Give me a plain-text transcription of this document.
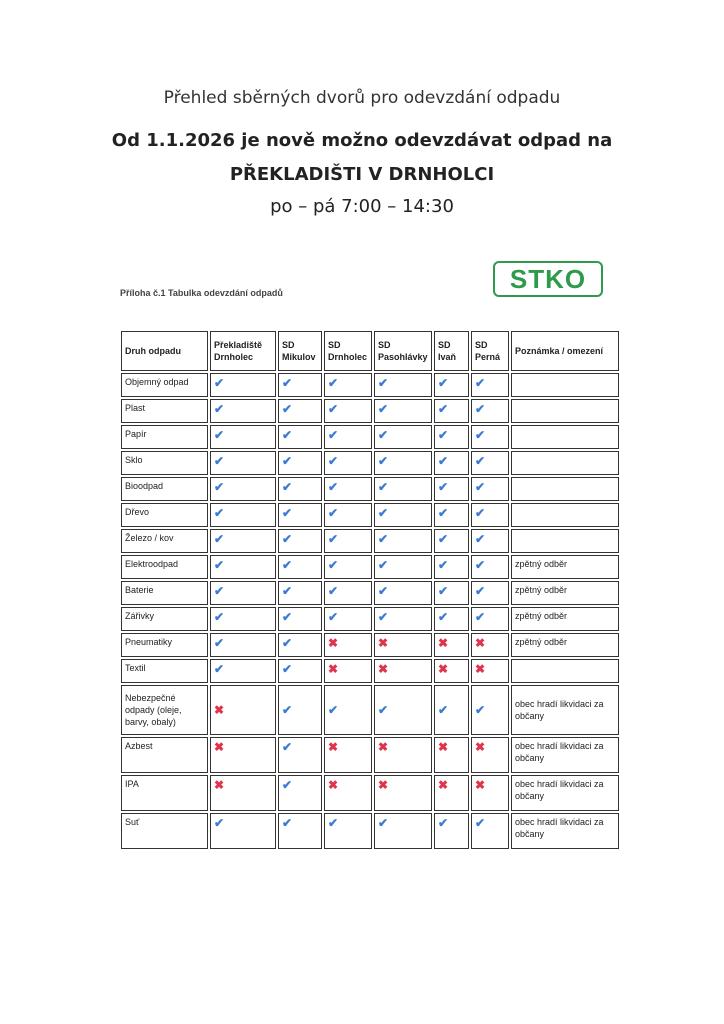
Přehled sběrných dvorů pro odevzdání odpadu
Od 1.1.2026 je nově možno odevzdávat odpad na
PŘEKLADIŠTI V DRNHOLCI
po – pá 7:00 – 14:30
Příloha č.1 Tabulka odevzdání odpadů	STKO
Druh odpadu	Překladiště Drnholec	SD Mikulov	SD Drnholec	SD Pasohlávky	SD Ivaň	SD Perná	Poznámka / omezení
Objemný odpad	✔	✔	✔	✔	✔	✔	
Plast	✔	✔	✔	✔	✔	✔	
Papír	✔	✔	✔	✔	✔	✔	
Sklo	✔	✔	✔	✔	✔	✔	
Bioodpad	✔	✔	✔	✔	✔	✔	
Dřevo	✔	✔	✔	✔	✔	✔	
Železo / kov	✔	✔	✔	✔	✔	✔	
Elektroodpad	✔	✔	✔	✔	✔	✔	zpětný odběr
Baterie	✔	✔	✔	✔	✔	✔	zpětný odběr
Zářivky	✔	✔	✔	✔	✔	✔	zpětný odběr
Pneumatiky	✔	✔	✖	✖	✖	✖	zpětný odběr
Textil	✔	✔	✖	✖	✖	✖	
Nebezpečné odpady (oleje, barvy, obaly)	✖	✔	✔	✔	✔	✔	obec hradí likvidaci za občany
Azbest	✖	✔	✖	✖	✖	✖	obec hradí likvidaci za občany
IPA	✖	✔	✖	✖	✖	✖	obec hradí likvidaci za občany
Suť	✔	✔	✔	✔	✔	✔	obec hradí likvidaci za občany
